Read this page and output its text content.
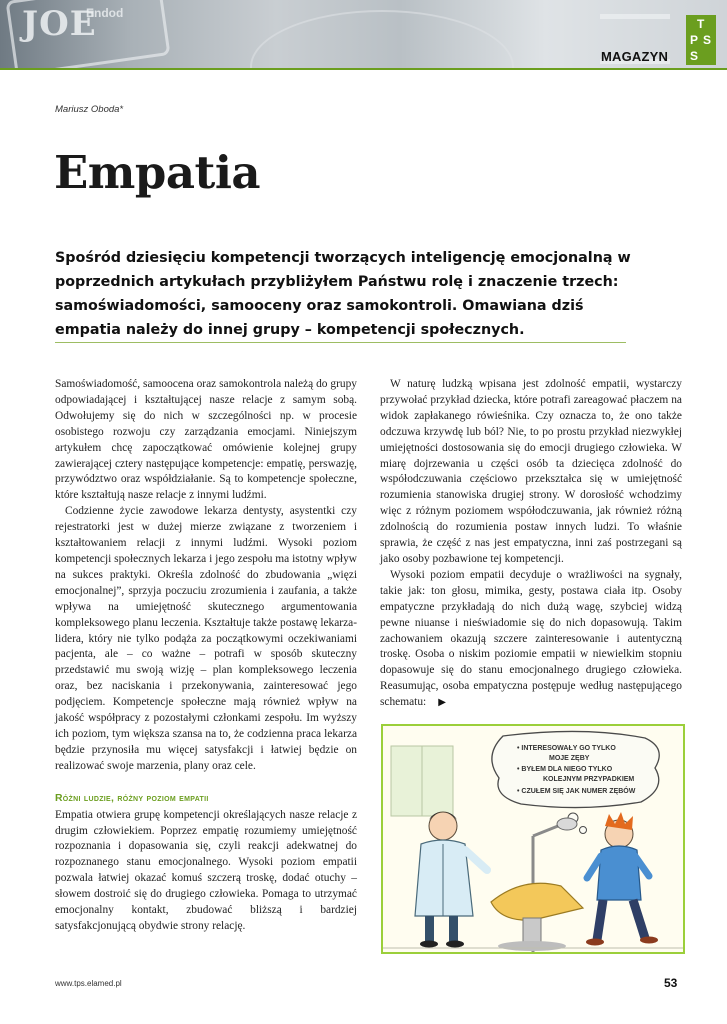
JOE
Endod
MAGAZYN
T
P S
S
Mariusz Oboda*
Empatia

Spośród dziesięciu kompetencji tworzących inteligencję emocjonalną w poprzednich artykułach przybliżyłem Państwu rolę i znaczenie trzech: samoświadomości, samooceny oraz samokontroli. Omawiana dziś empatia należy do innej grupy – kompetencji społecznych.

Samoświadomość, samoocena oraz samokontrola należą do grupy odpowiadającej i kształtującej nasze relacje z samym sobą. Odwołujemy się do nich w szczególności np. w procesie osobistego rozwoju czy zarządzania emocjami. Niniejszym artykułem chcę zapoczątkować omówienie kolejnej grupy zawierającej cztery następujące kompetencje: empatię, perswazję, przywództwo oraz współdziałanie. Są to kompetencje społeczne, które kształtują nasze relacje z innymi ludźmi.

Codzienne życie zawodowe lekarza dentysty, asystentki czy rejestratorki jest w dużej mierze związane z tworzeniem i kształtowaniem relacji z innymi ludźmi. Wysoki poziom kompetencji społecznych lekarza i jego zespołu ma istotny wpływ na sukces praktyki. Określa zdolność do zbudowania „więzi emocjonalnej”, sprzyja poczuciu zrozumienia i zaufania, a także wpływa na umiejętność skutecznego argumentowania kompleksowego planu leczenia. Kształtuje także postawę lekarza-lidera, który nie tylko podąża za początkowymi oczekiwaniami pacjenta, ale – co ważne – potrafi w sposób skuteczny przedstawić mu swoją wizję – plan kompleksowego leczenia oraz, bez naciskania i przekonywania, zainteresować jego podjęciem. Kompetencje społeczne mają również wpływ na jakość współpracy z pozostałymi członkami zespołu. Im wyższy ich poziom, tym większa szansa na to, że codzienna praca lekarza będzie przynosiła mu więcej satysfakcji i łatwiej będzie on realizować swoje marzenia, plany oraz cele.

Różni ludzie, różny poziom empatii

Empatia otwiera grupę kompetencji określających nasze relacje z drugim człowiekiem. Poprzez empatię rozumiemy umiejętność rozpoznania i dopasowania się, czyli reakcji adekwatnej do rozpoznanego stanu emocjonalnego. Wysoki poziom empatii pozwala łatwiej okazać komuś szczerą troskę, dodać otuchy – słowem dostroić się do drugiego człowieka. Pomaga to utrzymać emocjonalny kontakt, zbudować bliższą i bardziej satysfakcjonującą obydwie strony relację.

W naturę ludzką wpisana jest zdolność empatii, wystarczy przywołać przykład dziecka, które potrafi zareagować płaczem na widok zapłakanego rówieśnika. Czy oznacza to, że ono także odczuwa krzywdę lub ból? Nie, to po prostu przykład niezwykłej umiejętności dostosowania się do emocji drugiego człowieka. W miarę dojrzewania u części osób ta dziecięca zdolność do współodczuwania częściowo przekształca się w umiejętność rozumienia stanowiska drugiej strony. W dorosłość wchodzimy więc z różnym poziomem współodczuwania, jak również różną zdolnością do rozumienia postaw innych ludzi. To właśnie sprawia, że część z nas jest empatyczna, inni zaś postrzegani są jako osoby pozbawione tej kompetencji.

Wysoki poziom empatii decyduje o wrażliwości na sygnały, takie jak: ton głosu, mimika, gesty, postawa ciała itp. Osoby empatyczne przykładają do nich dużą wagę, szybciej widzą pewne niuanse i nieświadomie się do nich dopasowują. Takim zachowaniem okazują szczere zainteresowanie i autentyczną troskę. Osoba o niskim poziomie empatii w niewielkim stopniu dopasowuje się do stanu emocjonalnego drugiego człowieka. Reasumując, osoba empatyczna postępuje według następującego schematu: ▶

• INTERESOWAŁY GO TYLKO
MOJE ZĘBY
• BYŁEM DLA NIEGO TYLKO
KOLEJNYM PRZYPADKIEM
• CZUŁEM SIĘ JAK NUMER ZĘBÓW
www.tps.elamed.pl	53
